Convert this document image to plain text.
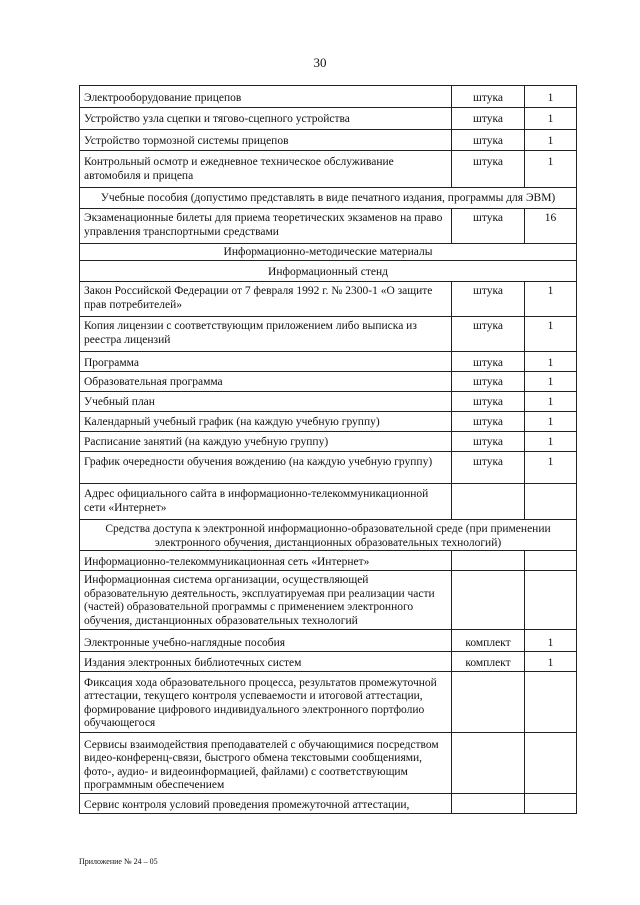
30
Электрооборудование прицепов	штука	1
Устройство узла сцепки и тягово-сцепного устройства	штука	1
Устройство тормозной системы прицепов	штука	1
Контрольный осмотр и ежедневное техническое обслуживание автомобиля и прицепа	штука	1
Учебные пособия (допустимо представлять в виде печатного издания, программы для ЭВМ)		
Экзаменационные билеты для приема теоретических экзаменов на право управления транспортными средствами	штука	16
Информационно-методические материалы		
Информационный стенд		
Закон Российской Федерации от 7 февраля 1992 г. № 2300-1 «О защите прав потребителей»	штука	1
Копия лицензии с соответствующим приложением либо выписка из реестра лицензий	штука	1
Программа	штука	1
Образовательная программа	штука	1
Учебный план	штука	1
Календарный учебный график (на каждую учебную группу)	штука	1
Расписание занятий (на каждую учебную группу)	штука	1
График очередности обучения вождению (на каждую учебную группу)	штука	1
Адрес официального сайта в информационно-телекоммуникационной сети «Интернет»		
Средства доступа к электронной информационно-образовательной среде (при применении электронного обучения, дистанционных образовательных технологий)		
Информационно-телекоммуникационная сеть «Интернет»		
Информационная система организации, осуществляющей образовательную деятельность, эксплуатируемая при реализации части (частей) образовательной программы с применением электронного обучения, дистанционных образовательных технологий		
Электронные учебно-наглядные пособия	комплект	1
Издания электронных библиотечных систем	комплект	1
Фиксация хода образовательного процесса, результатов промежуточной аттестации, текущего контроля успеваемости и итоговой аттестации, формирование цифрового индивидуального электронного портфолио обучающегося		
Сервисы взаимодействия преподавателей с обучающимися посредством видео-конференц-связи, быстрого обмена текстовыми сообщениями, фото-, аудио- и видеоинформацией, файлами) с соответствующим программным обеспечением		
Сервис контроля условий проведения промежуточной аттестации,		
Приложение № 24 – 05
